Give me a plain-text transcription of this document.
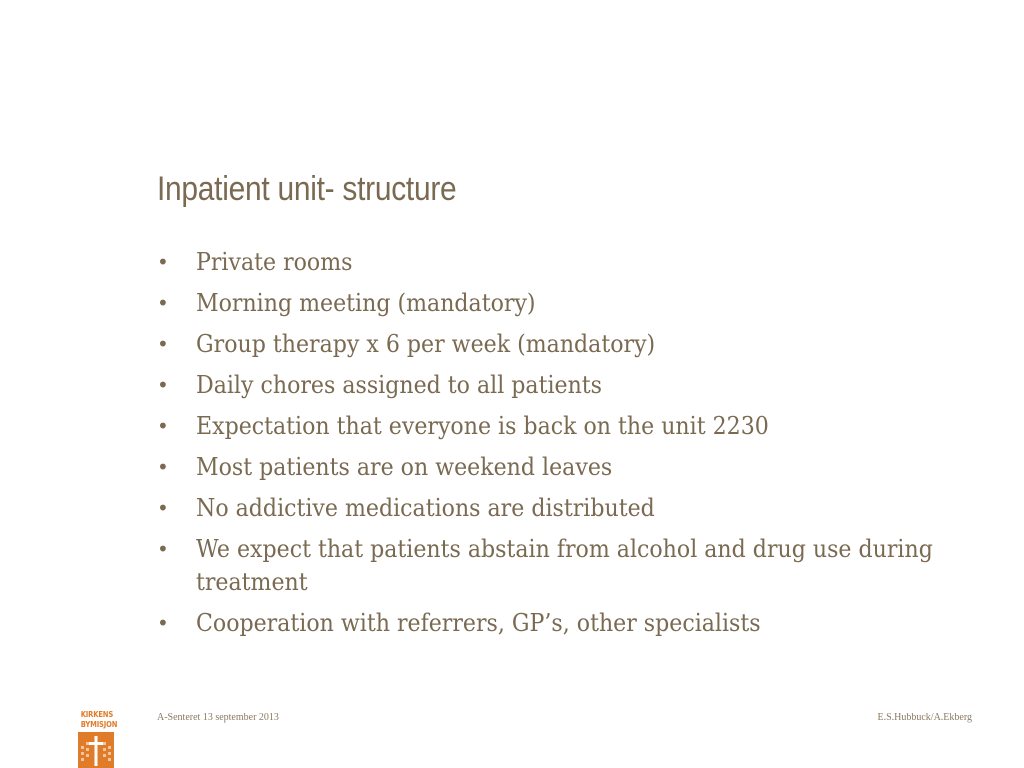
Inpatient unit- structure
• Private rooms
• Morning meeting (mandatory)
• Group therapy x 6 per week (mandatory)
• Daily chores assigned to all patients
• Expectation that everyone is back on the unit 2230
• Most patients are on weekend leaves
• No addictive medications are distributed
• We expect that patients abstain from alcohol and drug use during treatment
• Cooperation with referrers, GP’s, other specialists
KIRKENS
BYMISJON
A-Senteret 13 september 2013	E.S.Hubbuck/A.Ekberg
